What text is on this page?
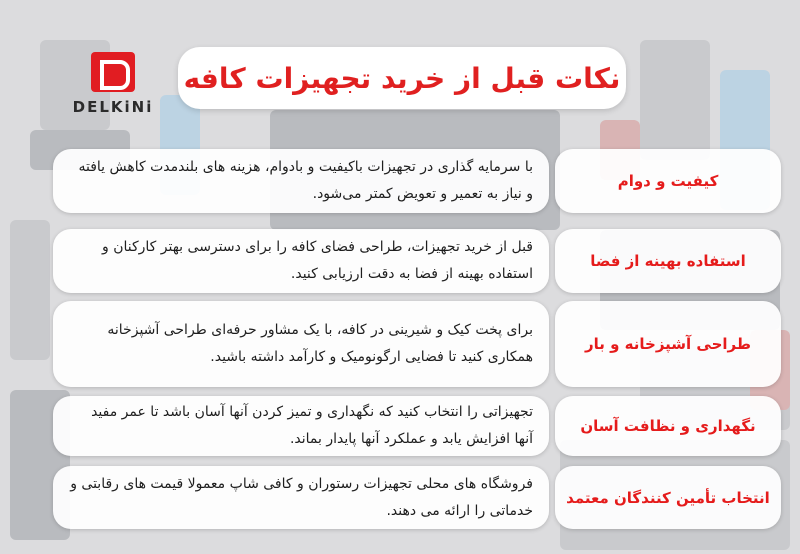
DELKiNi
نکات قبل از خرید تجهیزات کافه
با سرمایه گذاری در تجهیزات باکیفیت و بادوام، هزینه های بلندمدت کاهش یافته و نیاز به تعمیر و تعویض کمتر می‌شود.
کیفیت و دوام
قبل از خرید تجهیزات، طراحی فضای کافه را برای دسترسی بهتر کارکنان و استفاده بهینه از فضا به دقت ارزیابی کنید.
استفاده بهینه از فضا
برای پخت کیک و شیرینی در کافه، با یک مشاور حرفه‌ای طراحی آشپزخانه همکاری کنید تا فضایی ارگونومیک و کارآمد داشته باشید.
طراحی آشپزخانه و بار
تجهیزاتی را انتخاب کنید که نگهداری و تمیز کردن آنها آسان باشد تا عمر مفید آنها افزایش یابد و عملکرد آنها پایدار بماند.
نگهداری و نظافت آسان
فروشگاه های محلی تجهیزات رستوران و کافی شاپ معمولا قیمت های رقابتی و خدماتی را ارائه می دهند.
انتخاب تأمین کنندگان معتمد
